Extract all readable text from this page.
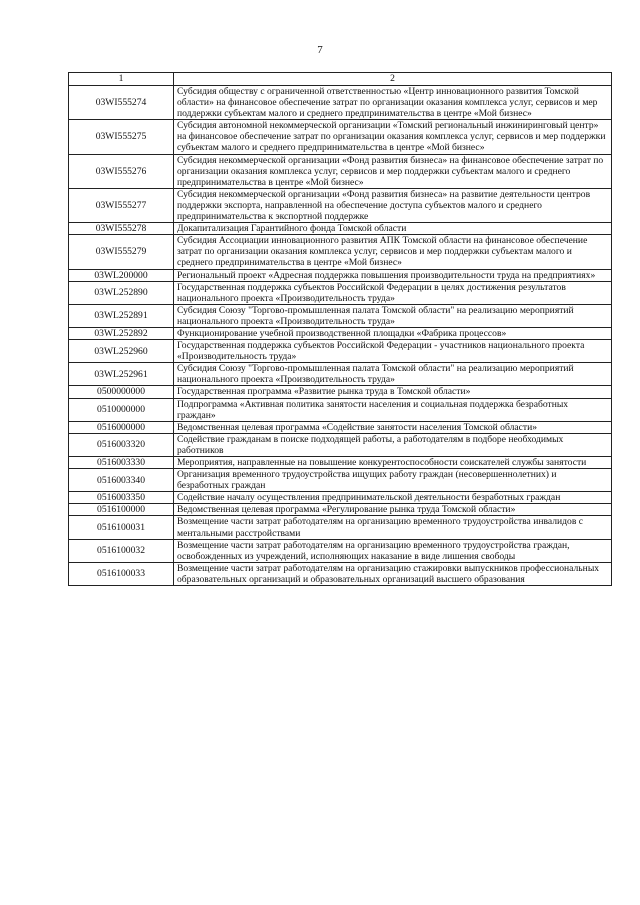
7
1	2
03WI555274	Субсидия обществу с ограниченной ответственностью «Центр инновационного развития Томской области» на финансовое обеспечение затрат по организации оказания комплекса услуг, сервисов и мер поддержки субъектам малого и среднего предпринимательства в центре «Мой бизнес»
03WI555275	Субсидия автономной некоммерческой организации «Томский региональный инжиниринговый центр» на финансовое обеспечение затрат по организации оказания комплекса услуг, сервисов и мер поддержки субъектам малого и среднего предпринимательства в центре «Мой бизнес»
03WI555276	Субсидия некоммерческой организации «Фонд развития бизнеса» на финансовое обеспечение затрат по организации оказания комплекса услуг, сервисов и мер поддержки субъектам малого и среднего предпринимательства в центре «Мой бизнес»
03WI555277	Субсидия некоммерческой организации «Фонд развития бизнеса» на развитие деятельности центров поддержки экспорта, направленной на обеспечение доступа субъектов малого и среднего предпринимательства к экспортной поддержке
03WI555278	Докапитализация Гарантийного фонда Томской области
03WI555279	Субсидия Ассоциации инновационного развития АПК Томской области на финансовое обеспечение затрат по организации оказания комплекса услуг, сервисов и мер поддержки субъектам малого и среднего предпринимательства в центре «Мой бизнес»
03WL200000	Региональный проект «Адресная поддержка повышения производительности труда на предприятиях»
03WL252890	Государственная поддержка субъектов Российской Федерации в целях достижения результатов национального проекта «Производительность труда»
03WL252891	Субсидия Союзу "Торгово-промышленная палата Томской области" на реализацию мероприятий национального проекта «Производительность труда»
03WL252892	Функционирование учебной производственной площадки «Фабрика процессов»
03WL252960	Государственная поддержка субъектов Российской Федерации - участников национального проекта «Производительность труда»
03WL252961	Субсидия Союзу "Торгово-промышленная палата Томской области" на реализацию мероприятий национального проекта «Производительность труда»
0500000000	Государственная программа «Развитие рынка труда в Томской области»
0510000000	Подпрограмма «Активная политика занятости населения и социальная поддержка безработных граждан»
0516000000	Ведомственная целевая программа «Содействие занятости населения Томской области»
0516003320	Содействие гражданам в поиске подходящей работы, а работодателям в подборе необходимых работников
0516003330	Мероприятия, направленные на повышение конкурентоспособности соискателей службы занятости
0516003340	Организация временного трудоустройства ищущих работу граждан (несовершеннолетних) и безработных граждан
0516003350	Содействие началу осуществления предпринимательской деятельности безработных граждан
0516100000	Ведомственная целевая программа «Регулирование рынка труда Томской области»
0516100031	Возмещение части затрат работодателям на организацию временного трудоустройства инвалидов с ментальными расстройствами
0516100032	Возмещение части затрат работодателям на организацию временного трудоустройства граждан, освобожденных из учреждений, исполняющих наказание в виде лишения свободы
0516100033	Возмещение части затрат работодателям на организацию стажировки выпускников профессиональных образовательных организаций и образовательных организаций высшего образования
